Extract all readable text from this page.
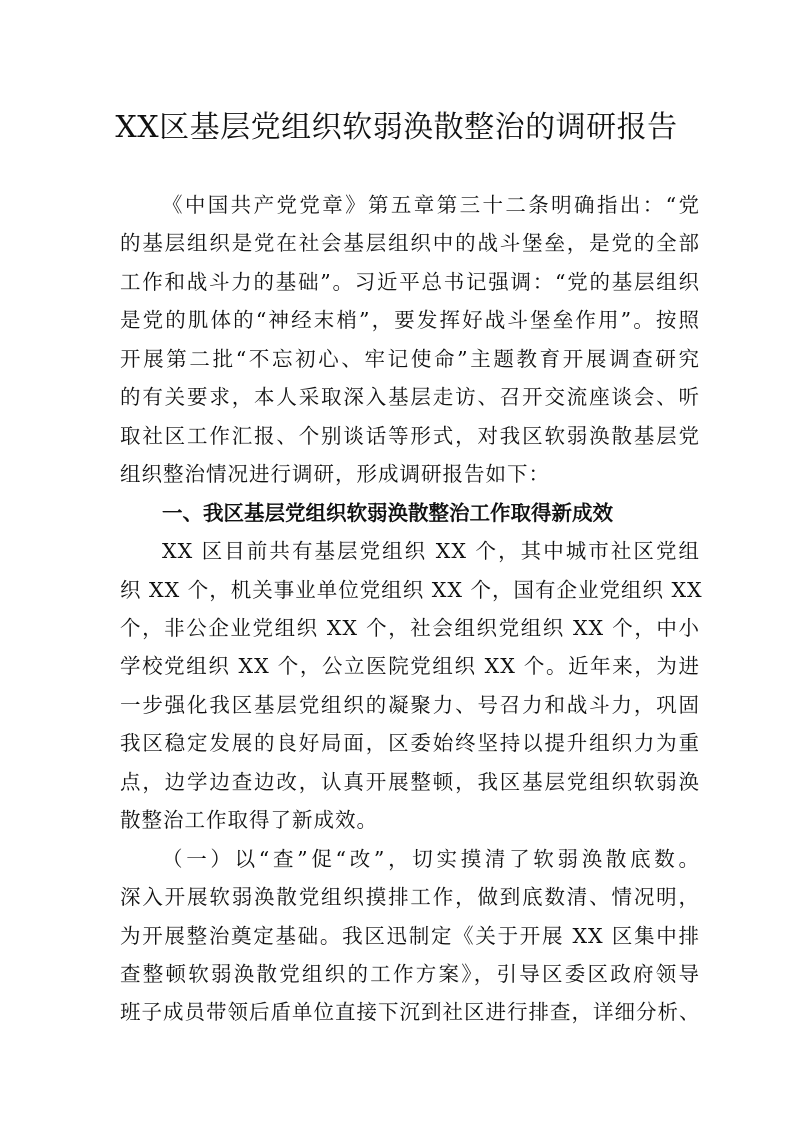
XX区基层党组织软弱涣散整治的调研报告
《中国共产党党章》第五章第三十二条明确指出：“党
的基层组织是党在社会基层组织中的战斗堡垒，是党的全部
工作和战斗力的基础”。习近平总书记强调：“党的基层组织
是党的肌体的“神经末梢”，要发挥好战斗堡垒作用”。按照
开展第二批“不忘初心、牢记使命”主题教育开展调查研究
的有关要求，本人采取深入基层走访、召开交流座谈会、听
取社区工作汇报、个别谈话等形式，对我区软弱涣散基层党
组织整治情况进行调研，形成调研报告如下：
一、我区基层党组织软弱涣散整治工作取得新成效
XX 区目前共有基层党组织 XX 个，其中城市社区党组
织 XX 个，机关事业单位党组织 XX 个，国有企业党组织 XX
个，非公企业党组织 XX 个，社会组织党组织 XX 个，中小
学校党组织 XX 个，公立医院党组织 XX 个。近年来，为进
一步强化我区基层党组织的凝聚力、号召力和战斗力，巩固
我区稳定发展的良好局面，区委始终坚持以提升组织力为重
点，边学边查边改，认真开展整顿，我区基层党组织软弱涣
散整治工作取得了新成效。
（一）以“查”促“改”，切实摸清了软弱涣散底数。
深入开展软弱涣散党组织摸排工作，做到底数清、情况明，
为开展整治奠定基础。我区迅制定《关于开展 XX 区集中排
查整顿软弱涣散党组织的工作方案》，引导区委区政府领导
班子成员带领后盾单位直接下沉到社区进行排查，详细分析、
